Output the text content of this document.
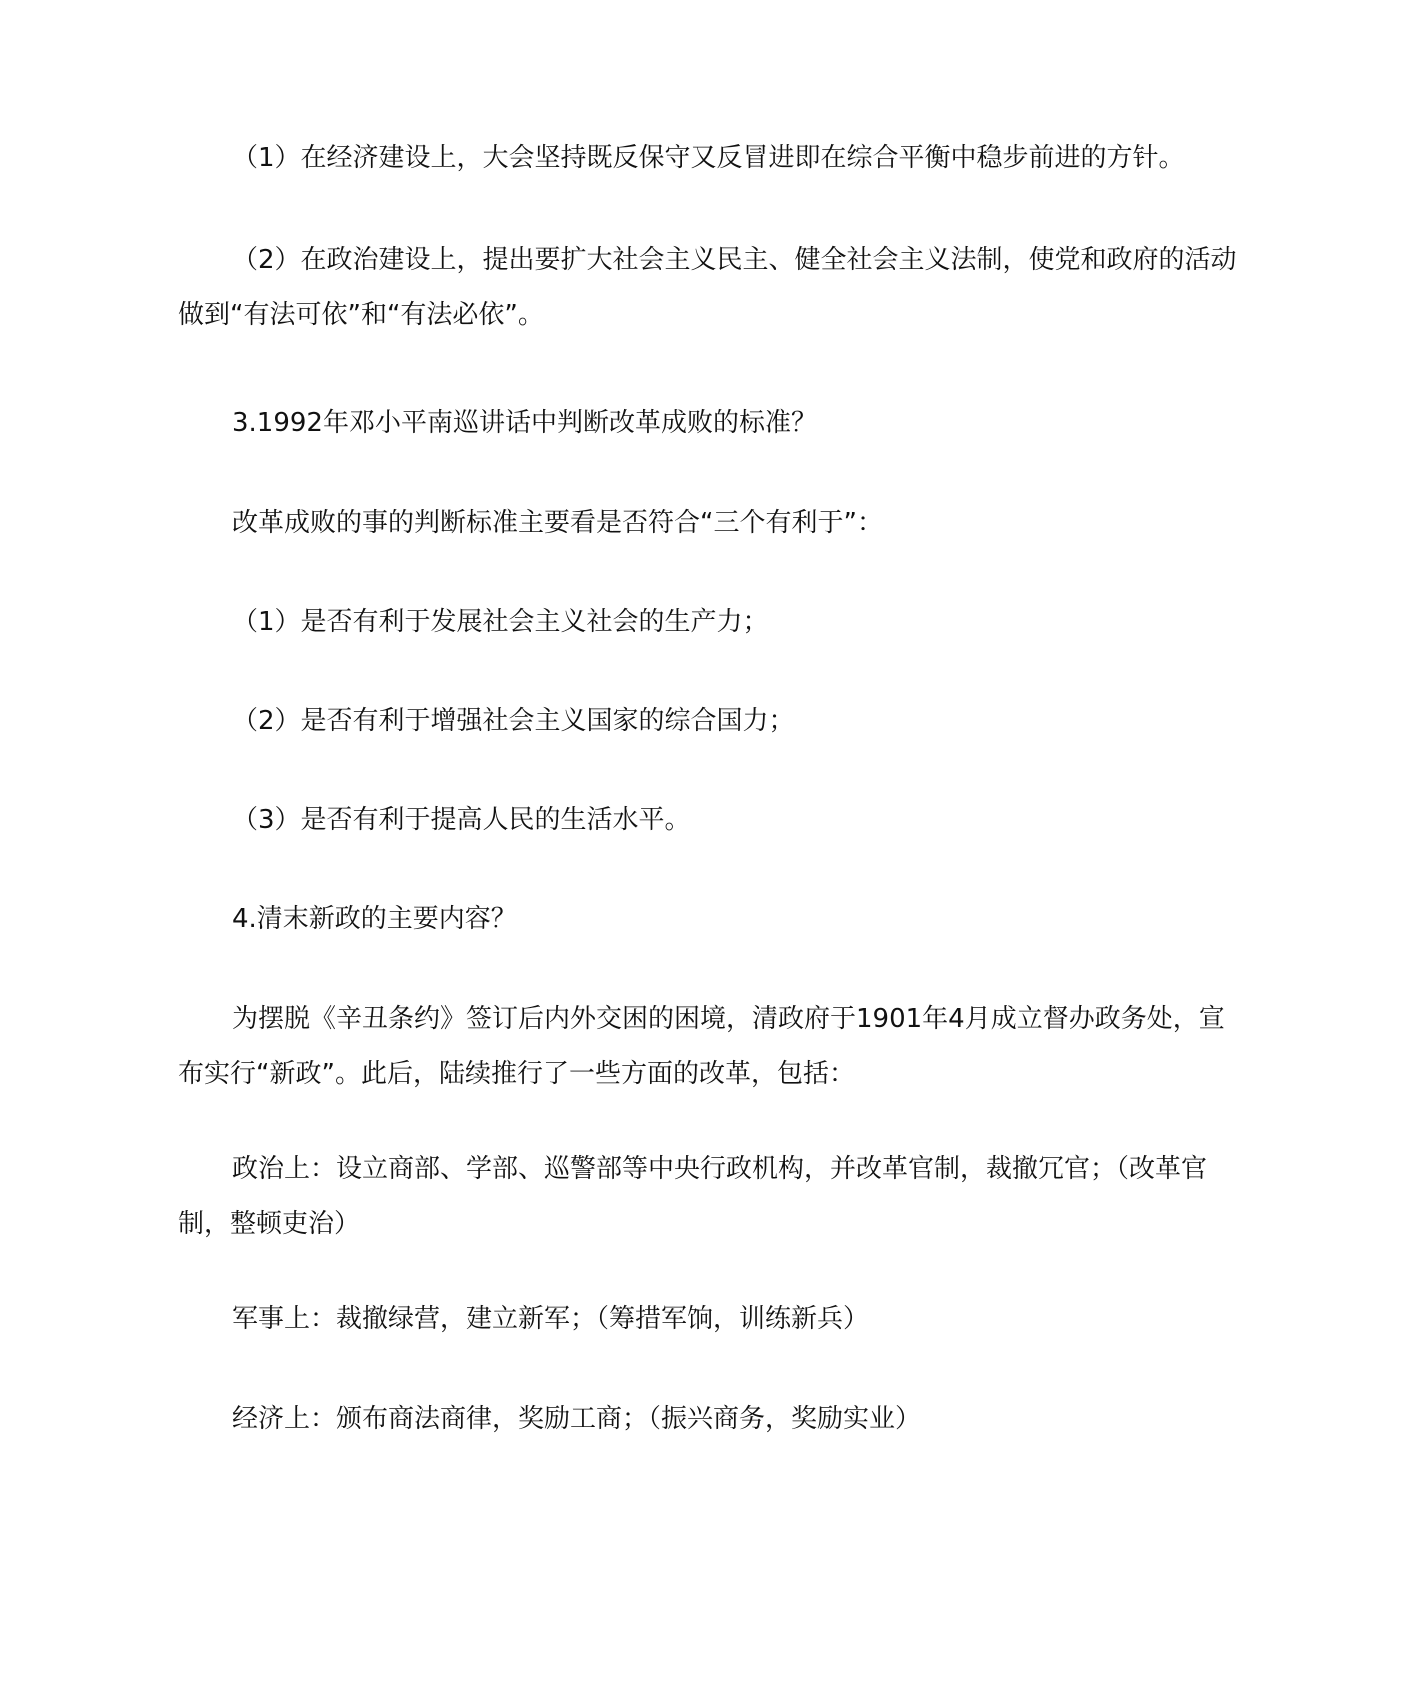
（1）在经济建设上，大会坚持既反保守又反冒进即在综合平衡中稳步前进的方针。

（2）在政治建设上，提出要扩大社会主义民主、健全社会主义法制，使党和政府的活动做到“有法可依”和“有法必依”。

3.1992年邓小平南巡讲话中判断改革成败的标准？

改革成败的事的判断标准主要看是否符合“三个有利于”：

（1）是否有利于发展社会主义社会的生产力；

（2）是否有利于增强社会主义国家的综合国力；

（3）是否有利于提高人民的生活水平。

4.清末新政的主要内容？

为摆脱《辛丑条约》签订后内外交困的困境，清政府于1901年4月成立督办政务处，宣布实行“新政”。此后，陆续推行了一些方面的改革，包括：

政治上：设立商部、学部、巡警部等中央行政机构，并改革官制，裁撤冗官；（改革官制，整顿吏治）

军事上：裁撤绿营，建立新军；（筹措军饷，训练新兵）

经济上：颁布商法商律，奖励工商；（振兴商务，奖励实业）
